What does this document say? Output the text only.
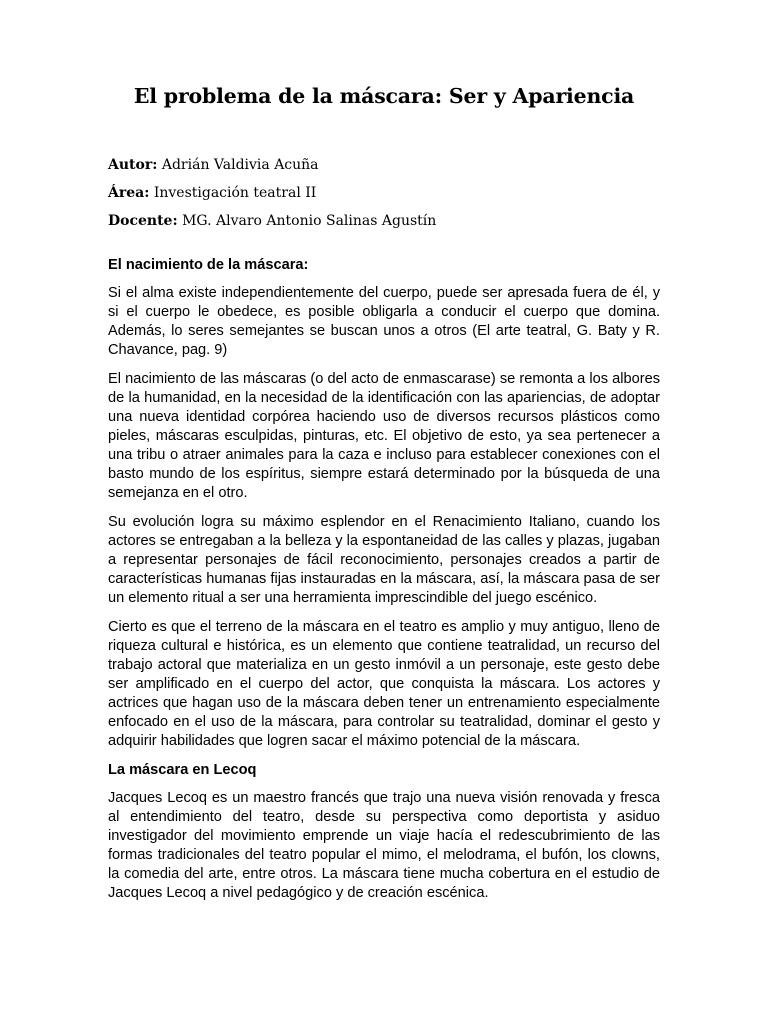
El problema de la máscara: Ser y Apariencia

Autor: Adrián Valdivia Acuña

Área: Investigación teatral II

Docente: MG. Alvaro Antonio Salinas Agustín

El nacimiento de la máscara:

Si el alma existe independientemente del cuerpo, puede ser apresada fuera de él, y si el cuerpo le obedece, es posible obligarla a conducir el cuerpo que domina. Además, lo seres semejantes se buscan unos a otros (El arte teatral, G. Baty y R. Chavance, pag. 9)

El nacimiento de las máscaras (o del acto de enmascarase) se remonta a los albores de la humanidad, en la necesidad de la identificación con las apariencias, de adoptar una nueva identidad corpórea haciendo uso de diversos recursos plásticos como pieles, máscaras esculpidas, pinturas, etc. El objetivo de esto, ya sea pertenecer a una tribu o atraer animales para la caza e incluso para establecer conexiones con el basto mundo de los espíritus, siempre estará determinado por la búsqueda de una semejanza en el otro.

Su evolución logra su máximo esplendor en el Renacimiento Italiano, cuando los actores se entregaban a la belleza y la espontaneidad de las calles y plazas, jugaban a representar personajes de fácil reconocimiento, personajes creados a partir de características humanas fijas instauradas en la máscara, así, la máscara pasa de ser un elemento ritual a ser una herramienta imprescindible del juego escénico.

Cierto es que el terreno de la máscara en el teatro es amplio y muy antiguo, lleno de riqueza cultural e histórica, es un elemento que contiene teatralidad, un recurso del trabajo actoral que materializa en un gesto inmóvil a un personaje, este gesto debe ser amplificado en el cuerpo del actor, que conquista la máscara. Los actores y actrices que hagan uso de la máscara deben tener un entrenamiento especialmente enfocado en el uso de la máscara, para controlar su teatralidad, dominar el gesto y adquirir habilidades que logren sacar el máximo potencial de la máscara.

La máscara en Lecoq

Jacques Lecoq es un maestro francés que trajo una nueva visión renovada y fresca al entendimiento del teatro, desde su perspectiva como deportista y asiduo investigador del movimiento emprende un viaje hacía el redescubrimiento de las formas tradicionales del teatro popular el mimo, el melodrama, el bufón, los clowns, la comedia del arte, entre otros. La máscara tiene mucha cobertura en el estudio de Jacques Lecoq a nivel pedagógico y de creación escénica.
